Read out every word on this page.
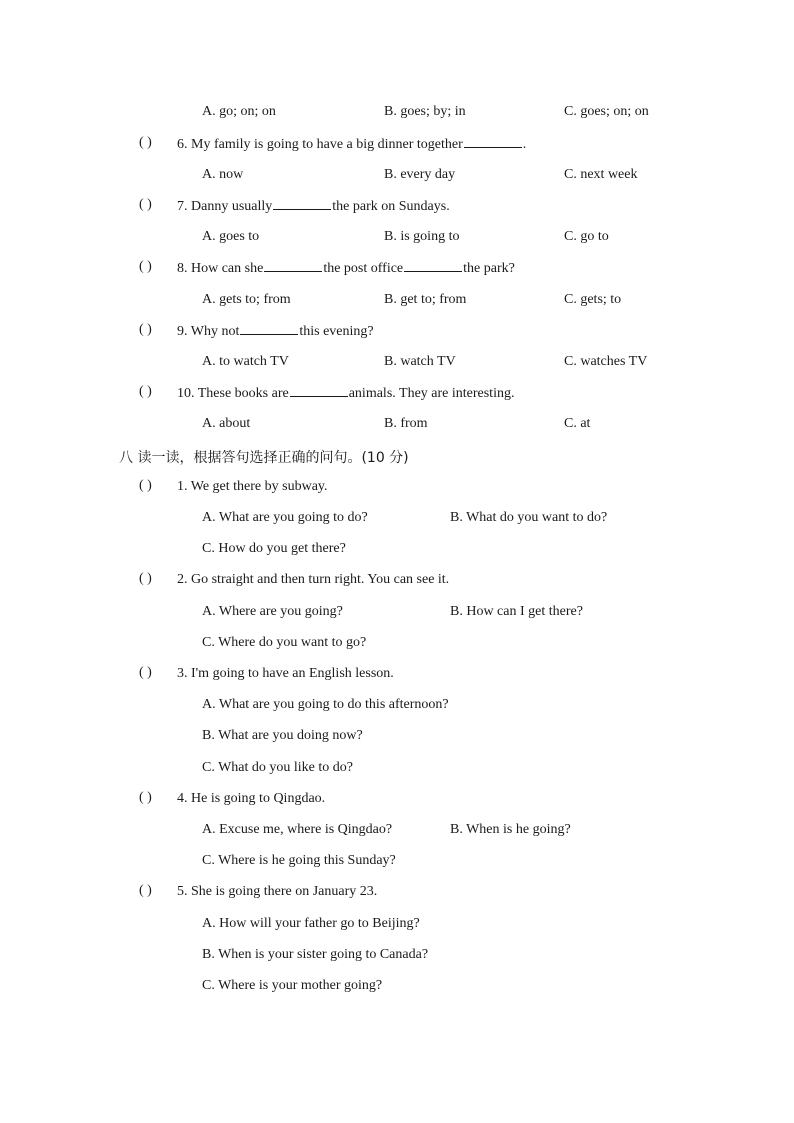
A. go; on; on	B. goes; by; in	C. goes; on; on
( ) 6. My family is going to have a big dinner together	.
A. now	B. every day	C. next week
( ) 7. Danny usually	the park on Sundays.
A. goes to	B. is going to	C. go to
( ) 8. How can she	the post office	the park?
A. gets to; from	B. get to; from	C. gets; to
( ) 9. Why not	this evening?
A. to watch TV	B. watch TV	C. watches TV
( ) 10. These books are	animals. They are interesting.
A. about	B. from	C. at
八 读一读，根据答句选择正确的问句。(10 分)
( ) 1. We get there by subway.
A. What are you going to do?	B. What do you want to do?
C. How do you get there?
( ) 2. Go straight and then turn right. You can see it.
A. Where are you going?	B. How can I get there?
C. Where do you want to go?
( ) 3. I'm going to have an English lesson.
A. What are you going to do this afternoon?
B. What are you doing now?
C. What do you like to do?
( ) 4. He is going to Qingdao.
A. Excuse me, where is Qingdao?	B. When is he going?
C. Where is he going this Sunday?
( ) 5. She is going there on January 23.
A. How will your father go to Beijing?
B. When is your sister going to Canada?
C. Where is your mother going?
